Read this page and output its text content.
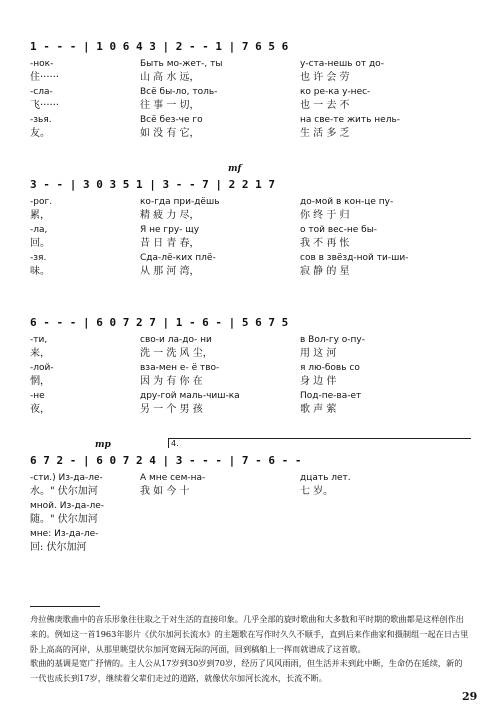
1 - - - | 1 0 6 4 3 | 2 - - 1 | 7 6 5 6
-нок-	Быть мо-жет-, ты	у-ста-нешь от до-
住······	山 高 水 远，	也 许 会 劳
-сла-	Всё бы-ло, толь-	ко ре-ка у-нес-
飞······	往 事 一 切，	也 一 去 不
-зья.	Всё без-че го	на све-те жить нель-
友。	如 没 有 它，	生 活 多 乏
mf
3 - - | 3 0 3 5 1 | 3 - - 7 | 2 2 1 7
-рог.	ко-гда при-дёшь	до-мой в кон-це пу-
累，	精 疲 力 尽，	你 终 于 归
-ла,	Я не гру- щу	о той вес-не бы-
回。	昔 日 青 春，	我 不 再 怅
-зя.	Сда-лё-ких плё-	сов в звёзд-ной ти-ши-
味。	从 那 河 湾，	寂 静 的 星
6 - - - | 6 0 7 2 7 | 1 - 6 - | 5 6 7 5
-ти,	сво-и ла-до- ни	в Вол-гу о-пу-
来，	洗 一 洗 风 尘，	用 这 河
-лой-	вза-мен е- ё тво-	я лю-бовь со
惘，	因 为 有 你 在	身 边 伴
-не	дру-гой маль-чиш-ка	Под-пе-ва-ет
夜，	另 一 个 男 孩	歌 声 萦
mp
6 7 2 - | 6 0 7 2 4 | 3 - - - | 7 - 6 - -
4.
-сти.) Из-да-ле-	А мне сем-на-	дцать лет.
水。" 伏尔加河	我 如 今 十	七 岁。
мной. Из-да-ле-
随。" 伏尔加河
мне: Из-да-ле-
回: 伏尔加河
舟拉佛庚歌曲中的音乐形象往往取之于对生活的直接印象。几乎全部的旋时歌曲和大多数和平时期的歌曲都是这样创作出来的。例如这一首1963年影片《伏尔加河长流水》的主题歌在写作时久久不顺手，直到后来作曲家和摄制组一起在日古里卧上高高的河岸，从那里眺望伏尔加河宽阔无际的河面，回到稿舶上一挥而就谱成了这首歌。
歌曲的基调是宽广抒情的。主人公从17岁到30岁到70岁，经历了风风雨雨，但生活并未到此中断，生命仍在延续，新的一代也成长到17岁，继续着父辈们走过的道路，就像伏尔加河长流水，长流不断。
29
